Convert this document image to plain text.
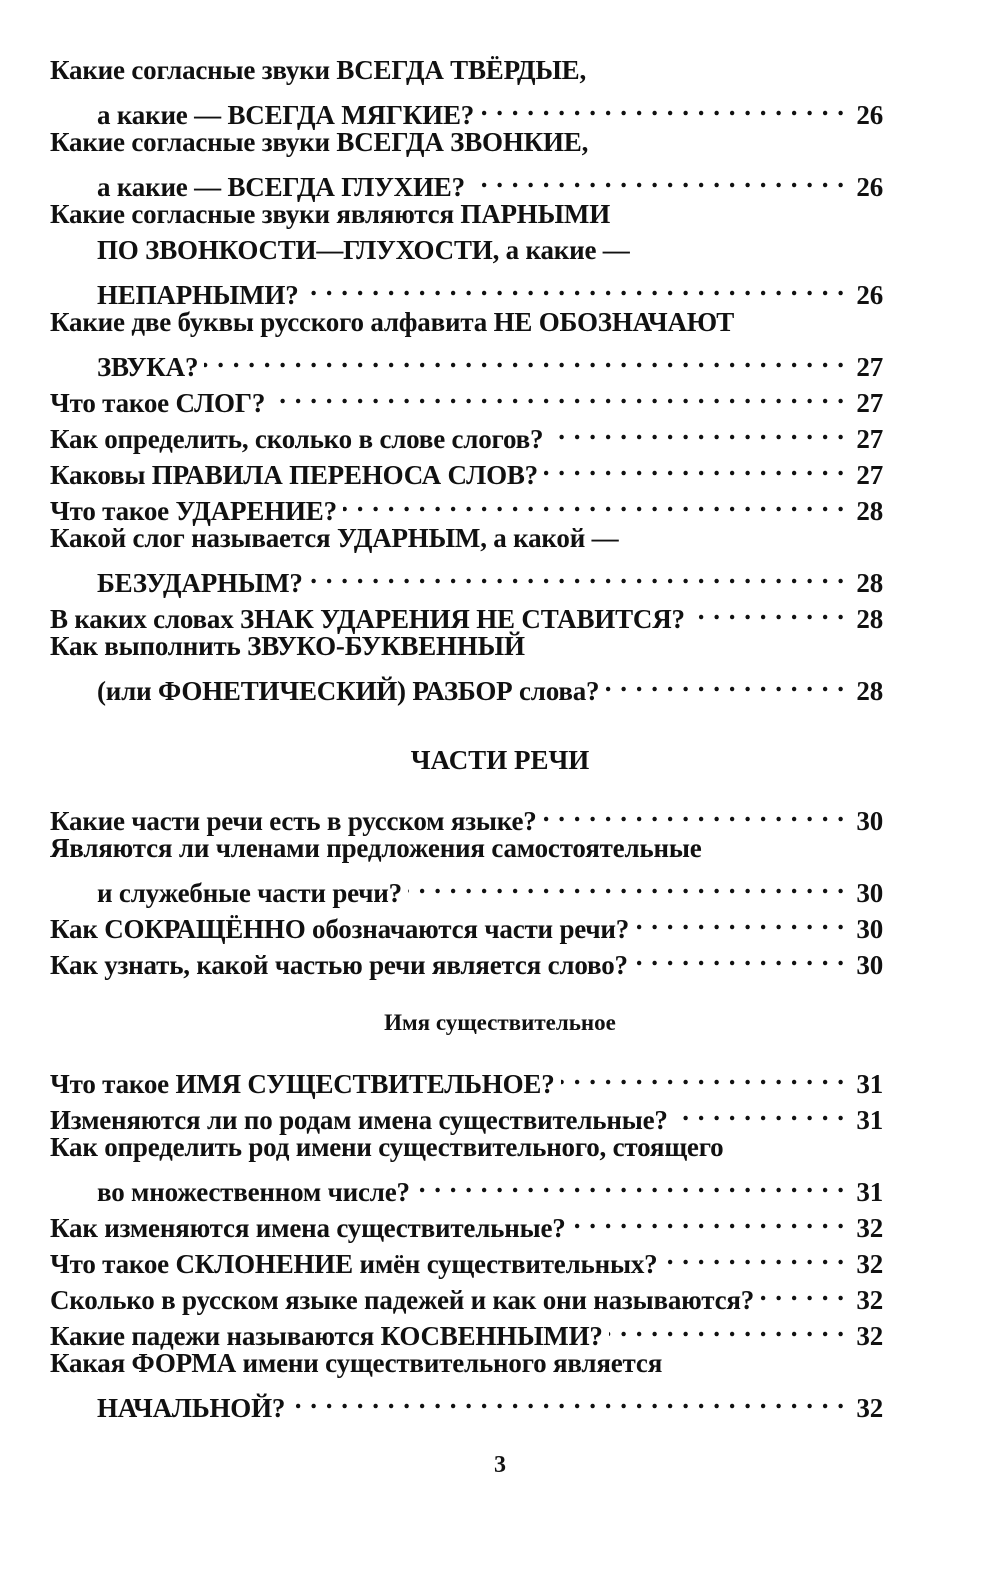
Какие согласные звуки ВСЕГДА ТВЁРДЫЕ,
а какие — ВСЕГДА МЯГКИЕ? . . .	26
Какие согласные звуки ВСЕГДА ЗВОНКИЕ,
а какие — ВСЕГДА ГЛУХИЕ? . . .	26
Какие согласные звуки являются ПАРНЫМИ
ПО ЗВОНКОСТИ—ГЛУХОСТИ, а какие —
НЕПАРНЫМИ? . . .	26
Какие две буквы русского алфавита НЕ ОБОЗНАЧАЮТ
ЗВУКА? . . .	27
Что такое СЛОГ? . . .	27
Как определить, сколько в слове слогов? . . .	27
Каковы ПРАВИЛА ПЕРЕНОСА СЛОВ? . . .	27
Что такое УДАРЕНИЕ? . . .	28
Какой слог называется УДАРНЫМ, а какой —
БЕЗУДАРНЫМ? . . .	28
В каких словах ЗНАК УДАРЕНИЯ НЕ СТАВИТСЯ? . . .	28
Как выполнить ЗВУКО-БУКВЕННЫЙ
(или ФОНЕТИЧЕСКИЙ) РАЗБОР слова? . . .	28
ЧАСТИ РЕЧИ
Какие части речи есть в русском языке? . . .	30
Являются ли членами предложения самостоятельные
и служебные части речи? . . .	30
Как СОКРАЩЁННО обозначаются части речи? . . .	30
Как узнать, какой частью речи является слово? . . .	30
Имя существительное
Что такое ИМЯ СУЩЕСТВИТЕЛЬНОЕ? . . .	31
Изменяются ли по родам имена существительные? . . .	31
Как определить род имени существительного, стоящего
во множественном числе? . . .	31
Как изменяются имена существительные? . . .	32
Что такое СКЛОНЕНИЕ имён существительных? . . .	32
Сколько в русском языке падежей и как они называются? . . .	32
Какие падежи называются КОСВЕННЫМИ? . . .	32
Какая ФОРМА имени существительного является
НАЧАЛЬНОЙ? . . .	32
3
